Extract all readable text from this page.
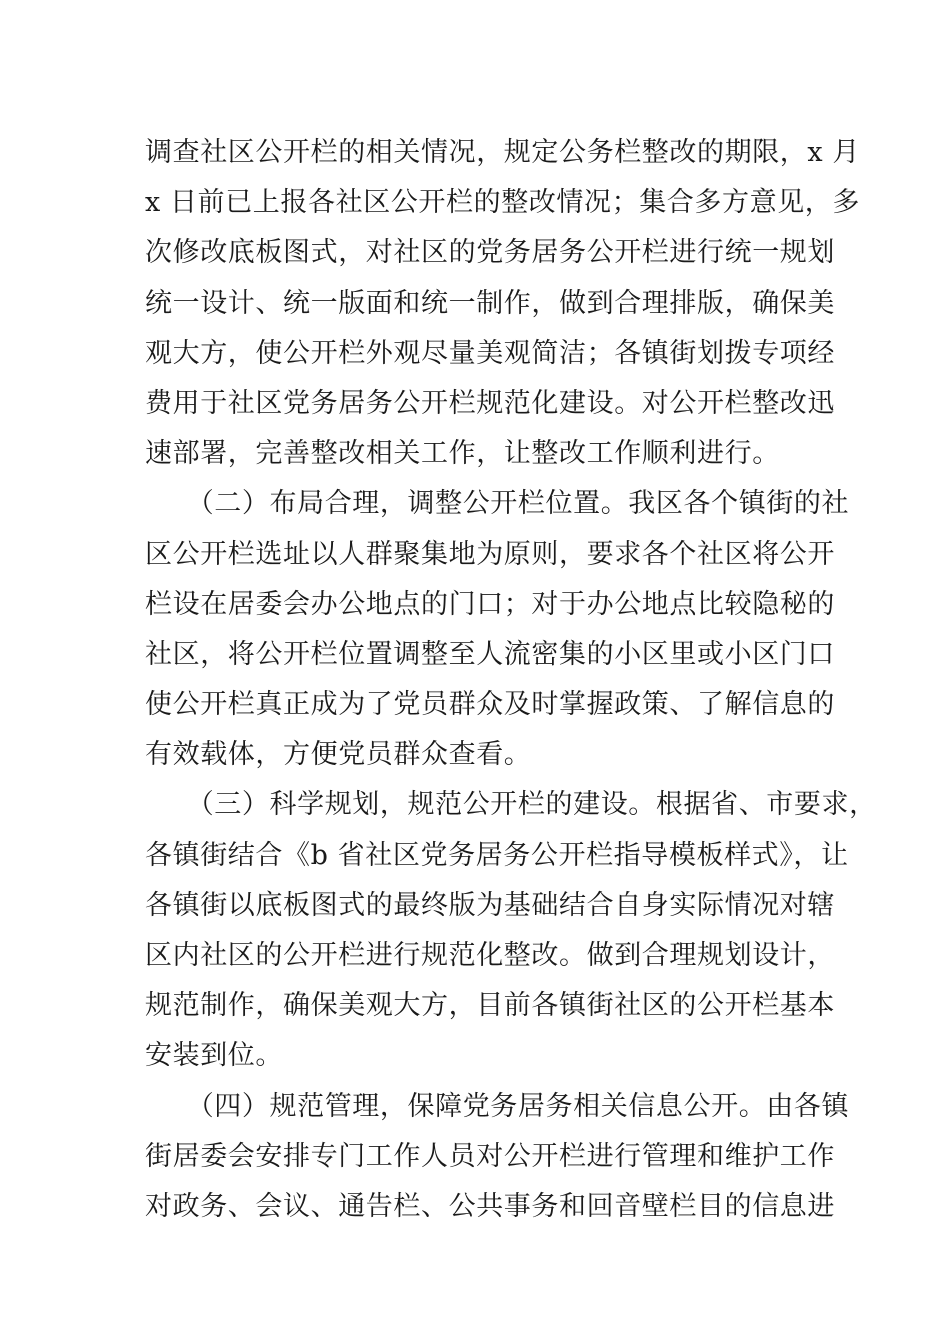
调查社区公开栏的相关情况，规定公务栏整改的期限，x 月
x 日前已上报各社区公开栏的整改情况；集合多方意见，多
次修改底板图式，对社区的党务居务公开栏进行统一规划
统一设计、统一版面和统一制作，做到合理排版，确保美
观大方，使公开栏外观尽量美观简洁；各镇街划拨专项经
费用于社区党务居务公开栏规范化建设。对公开栏整改迅
速部署，完善整改相关工作，让整改工作顺利进行。
　　（二）布局合理，调整公开栏位置。我区各个镇街的社
区公开栏选址以人群聚集地为原则，要求各个社区将公开
栏设在居委会办公地点的门口；对于办公地点比较隐秘的
社区，将公开栏位置调整至人流密集的小区里或小区门口
使公开栏真正成为了党员群众及时掌握政策、了解信息的
有效载体，方便党员群众查看。
　　（三）科学规划，规范公开栏的建设。根据省、市要求，
各镇街结合《b 省社区党务居务公开栏指导模板样式》，让
各镇街以底板图式的最终版为基础结合自身实际情况对辖
区内社区的公开栏进行规范化整改。做到合理规划设计，
规范制作，确保美观大方，目前各镇街社区的公开栏基本
安装到位。
　　（四）规范管理，保障党务居务相关信息公开。由各镇
街居委会安排专门工作人员对公开栏进行管理和维护工作
对政务、会议、通告栏、公共事务和回音壁栏目的信息进
